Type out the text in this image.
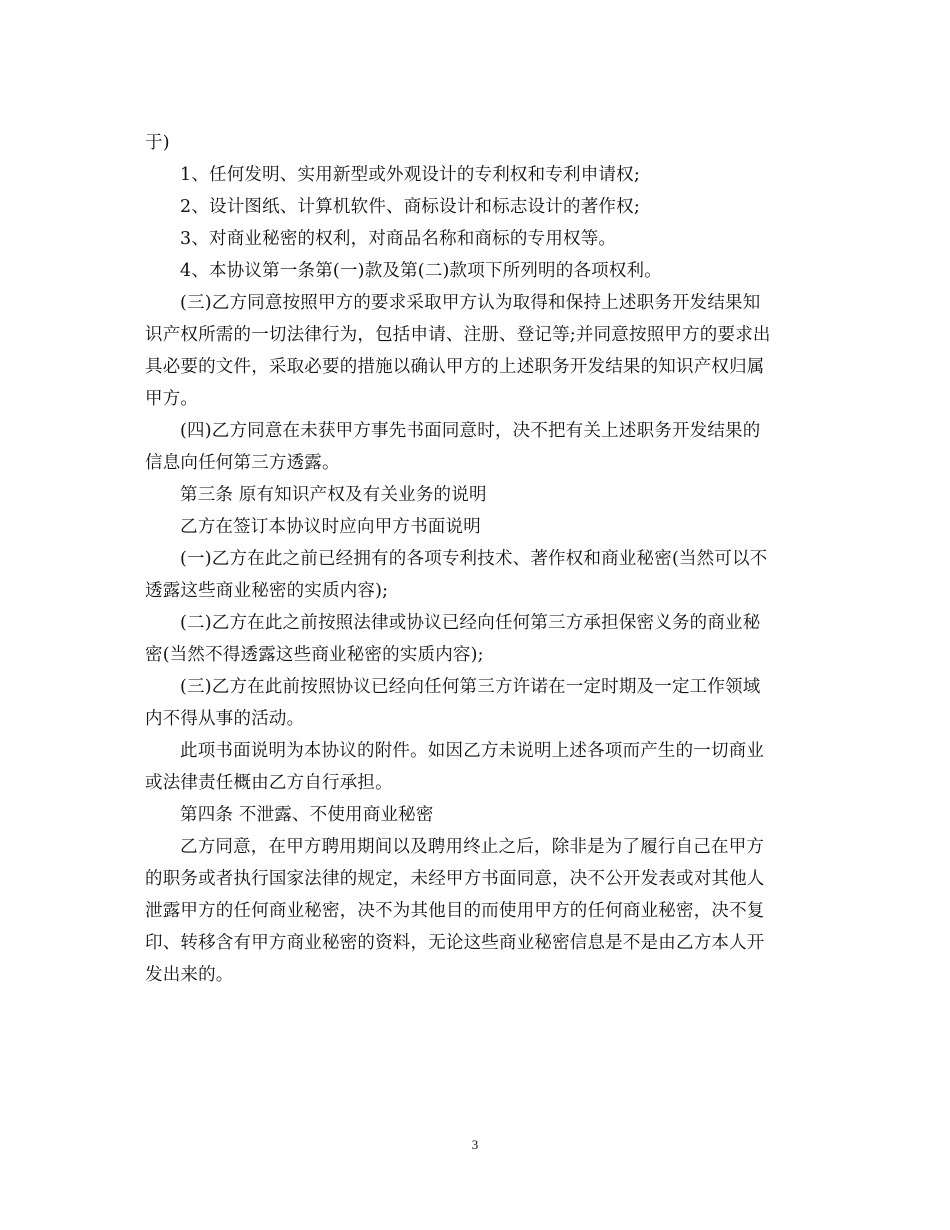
于)
1、任何发明、实用新型或外观设计的专利权和专利申请权;
2、设计图纸、计算机软件、商标设计和标志设计的著作权;
3、对商业秘密的权利，对商品名称和商标的专用权等。
4、本协议第一条第(一)款及第(二)款项下所列明的各项权利。
(三)乙方同意按照甲方的要求采取甲方认为取得和保持上述职务开发结果知
识产权所需的一切法律行为，包括申请、注册、登记等;并同意按照甲方的要求出
具必要的文件，采取必要的措施以确认甲方的上述职务开发结果的知识产权归属
甲方。
(四)乙方同意在未获甲方事先书面同意时，决不把有关上述职务开发结果的
信息向任何第三方透露。
第三条 原有知识产权及有关业务的说明
乙方在签订本协议时应向甲方书面说明
(一)乙方在此之前已经拥有的各项专利技术、著作权和商业秘密(当然可以不
透露这些商业秘密的实质内容);
(二)乙方在此之前按照法律或协议已经向任何第三方承担保密义务的商业秘
密(当然不得透露这些商业秘密的实质内容);
(三)乙方在此前按照协议已经向任何第三方许诺在一定时期及一定工作领域
内不得从事的活动。
此项书面说明为本协议的附件。如因乙方未说明上述各项而产生的一切商业
或法律责任概由乙方自行承担。
第四条 不泄露、不使用商业秘密
乙方同意，在甲方聘用期间以及聘用终止之后，除非是为了履行自己在甲方
的职务或者执行国家法律的规定，未经甲方书面同意，决不公开发表或对其他人
泄露甲方的任何商业秘密，决不为其他目的而使用甲方的任何商业秘密，决不复
印、转移含有甲方商业秘密的资料，无论这些商业秘密信息是不是由乙方本人开
发出来的。
3
